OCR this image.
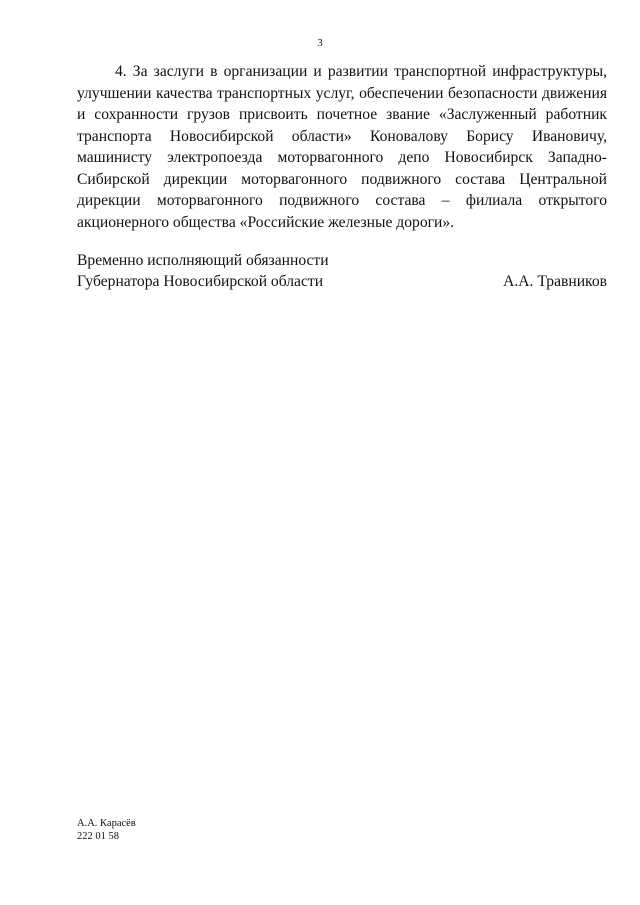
3

4. За заслуги в организации и развитии транспортной инфраструктуры, улучшении качества транспортных услуг, обеспечении безопасности движения и сохранности грузов присвоить почетное звание «Заслуженный работник транспорта Новосибирской области» Коновалову Борису Ивановичу, машинисту электропоезда моторвагонного депо Новосибирск Западно-Сибирской дирекции моторвагонного подвижного состава Центральной дирекции моторвагонного подвижного состава – филиала открытого акционерного общества «Российские железные дороги».

Временно исполняющий обязанности
Губернатора Новосибирской области	А.А. Травников
А.А. Карасёв
222 01 58
